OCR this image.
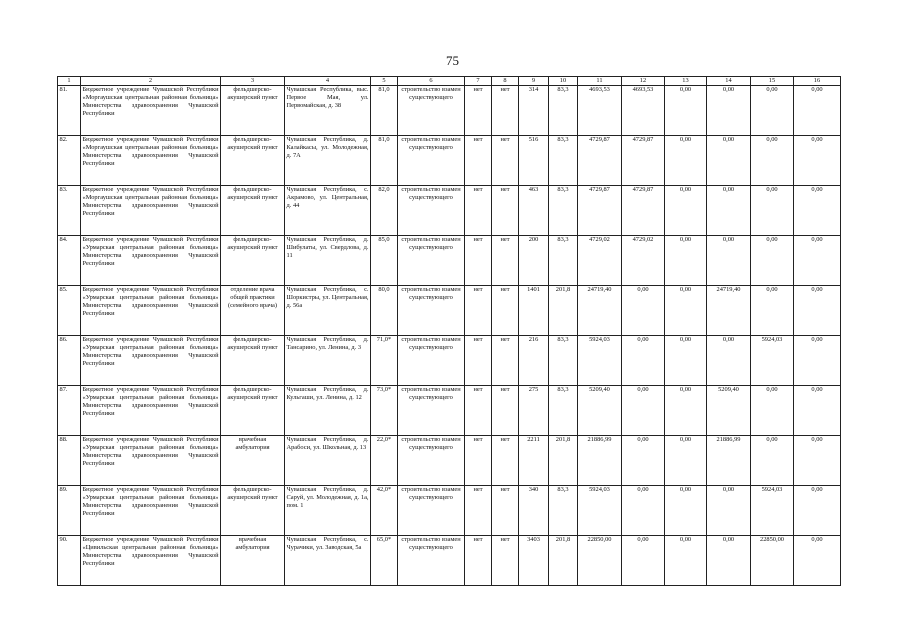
75
1	2	3	4	5	6	7	8	9	10	11	12	13	14	15	16
81.	Бюджетное учреждение Чувашской Республики «Моргаушская центральная районная больница» Министерства здравоохранения Чувашской Республики	фельдшерско-акушерский пункт	Чувашская Республика, выс. Первое Мая, ул. Первомайская, д. 38	81,0	строительство взамен существующего	нет	нет	314	83,3	4693,53	4693,53	0,00	0,00	0,00	0,00
82.	Бюджетное учреждение Чувашской Республики «Моргаушская центральная районная больница» Министерства здравоохранения Чувашской Республики	фельдшерско-акушерский пункт	Чувашская Республика, д. Калайкасы, ул. Молодежная, д. 7А	81,0	строительство взамен существующего	нет	нет	516	83,3	4729,87	4729,87	0,00	0,00	0,00	0,00
83.	Бюджетное учреждение Чувашской Республики «Моргаушская центральная районная больница» Министерства здравоохранения Чувашской Республики	фельдшерско-акушерский пункт	Чувашская Республика, с. Акрамово, ул. Центральная, д. 44	82,0	строительство взамен существующего	нет	нет	463	83,3	4729,87	4729,87	0,00	0,00	0,00	0,00
84.	Бюджетное учреждение Чувашской Республики «Урмарская центральная районная больница» Министерства здравоохранения Чувашской Республики	фельдшерско-акушерский пункт	Чувашская Республика, д. Шибулаты, ул. Свердлова, д. 11	85,0	строительство взамен существующего	нет	нет	200	83,3	4729,02	4729,02	0,00	0,00	0,00	0,00
85.	Бюджетное учреждение Чувашской Республики «Урмарская центральная районная больница» Министерства здравоохранения Чувашской Республики	отделение врача общей практики (семейного врача)	Чувашская Республика, с. Шоркистры, ул. Центральная, д. 56а	80,0	строительство взамен существующего	нет	нет	1401	201,8	24719,40	0,00	0,00	24719,40	0,00	0,00
86.	Бюджетное учреждение Чувашской Республики «Урмарская центральная районная больница» Министерства здравоохранения Чувашской Республики	фельдшерско-акушерский пункт	Чувашская Республика, д. Тансарино, ул. Ленина, д. 3	71,0*	строительство взамен существующего	нет	нет	216	83,3	5924,03	0,00	0,00	0,00	5924,03	0,00
87.	Бюджетное учреждение Чувашской Республики «Урмарская центральная районная больница» Министерства здравоохранения Чувашской Республики	фельдшерско-акушерский пункт	Чувашская Республика, д. Кульгаши, ул. Ленина, д. 12	73,0*	строительство взамен существующего	нет	нет	275	83,3	5209,40	0,00	0,00	5209,40	0,00	0,00
88.	Бюджетное учреждение Чувашской Республики «Урмарская центральная районная больница» Министерства здравоохранения Чувашской Республики	врачебная амбулатория	Чувашская Республика, д. Арабоси, ул. Школьная, д. 13	22,0*	строительство взамен существующего	нет	нет	2211	201,8	21886,99	0,00	0,00	21886,99	0,00	0,00
89.	Бюджетное учреждение Чувашской Республики «Урмарская центральная районная больница» Министерства здравоохранения Чувашской Республики	фельдшерско-акушерский пункт	Чувашская Республика, д. Саруй, ул. Молодежная, д. 1а, пом. 1	42,0*	строительство взамен существующего	нет	нет	340	83,3	5924,03	0,00	0,00	0,00	5924,03	0,00
90.	Бюджетное учреждение Чувашской Республики «Цивильская центральная районная больница» Министерства здравоохранения Чувашской Республики	врачебная амбулатория	Чувашская Республика, с. Чурачики, ул. Заводская, 5а	65,0*	строительство взамен существующего	нет	нет	3403	201,8	22850,00	0,00	0,00	0,00	22850,00	0,00
